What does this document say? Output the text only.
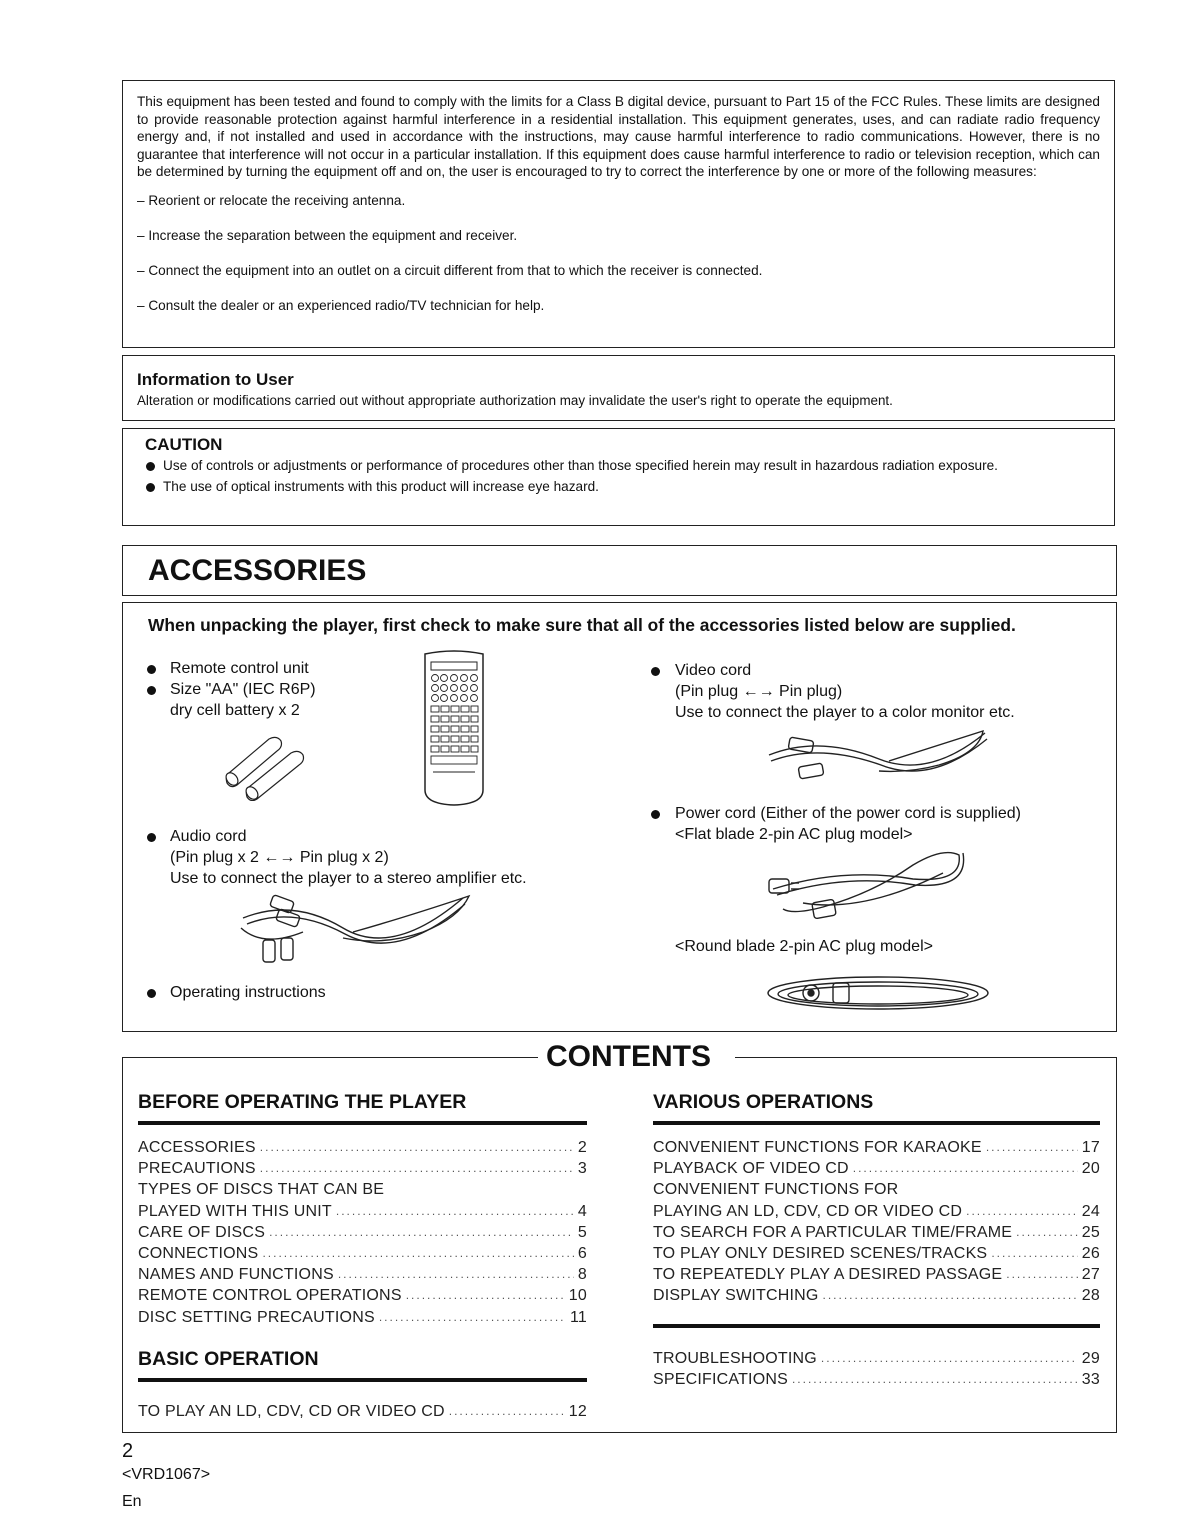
This equipment has been tested and found to comply with the limits for a Class B digital device, pursuant to Part 15 of the FCC Rules. These limits are designed to provide reasonable protection against harmful interference in a residential installation. This equipment generates, uses, and can radiate radio frequency energy and, if not installed and used in accordance with the instructions, may cause harmful interference to radio communications. However, there is no guarantee that interference will not occur in a particular installation. If this equipment does cause harmful interference to radio or television reception, which can be determined by turning the equipment off and on, the user is encouraged to try to correct the interference by one or more of the following measures:

– Reorient or relocate the receiving antenna.

– Increase the separation between the equipment and receiver.

– Connect the equipment into an outlet on a circuit different from that to which the receiver is connected.

– Consult the dealer or an experienced radio/TV technician for help.

Information to User

Alteration or modifications carried out without appropriate authorization may invalidate the user's right to operate the equipment.

CAUTION
Use of controls or adjustments or performance of procedures other than those specified herein may result in hazardous radiation exposure.
The use of optical instruments with this product will increase eye hazard.
ACCESSORIES
When unpacking the player, first check to make sure that all of the accessories listed below are supplied.
Remote control unit
Size "AA" (IEC R6P)
dry cell battery x 2
Audio cord
(Pin plug x 2 ←→ Pin plug x 2)
Use to connect the player to a stereo amplifier etc.
Operating instructions
Video cord
(Pin plug ←→ Pin plug)
Use to connect the player to a color monitor etc.
Power cord (Either of the power cord is supplied)
<Flat blade 2-pin AC plug model>
<Round blade 2-pin AC plug model>
CONTENTS
BEFORE OPERATING THE PLAYER
ACCESSORIES .....	2
PRECAUTIONS .....	3
TYPES OF DISCS THAT CAN BE
PLAYED WITH THIS UNIT .....	4
CARE OF DISCS .....	5
CONNECTIONS .....	6
NAMES AND FUNCTIONS .....	8
REMOTE CONTROL OPERATIONS .....	10
DISC SETTING PRECAUTIONS .....	11
BASIC OPERATION
TO PLAY AN LD, CDV, CD OR VIDEO CD .....	12
VARIOUS OPERATIONS
CONVENIENT FUNCTIONS FOR KARAOKE .....	17
PLAYBACK OF VIDEO CD .....	20
CONVENIENT FUNCTIONS FOR
PLAYING AN LD, CDV, CD OR VIDEO CD .....	24
TO SEARCH FOR A PARTICULAR TIME/FRAME .....	25
TO PLAY ONLY DESIRED SCENES/TRACKS .....	26
TO REPEATEDLY PLAY A DESIRED PASSAGE .....	27
DISPLAY SWITCHING .....	28
TROUBLESHOOTING .....	29
SPECIFICATIONS .....	33
2
<VRD1067>
En
